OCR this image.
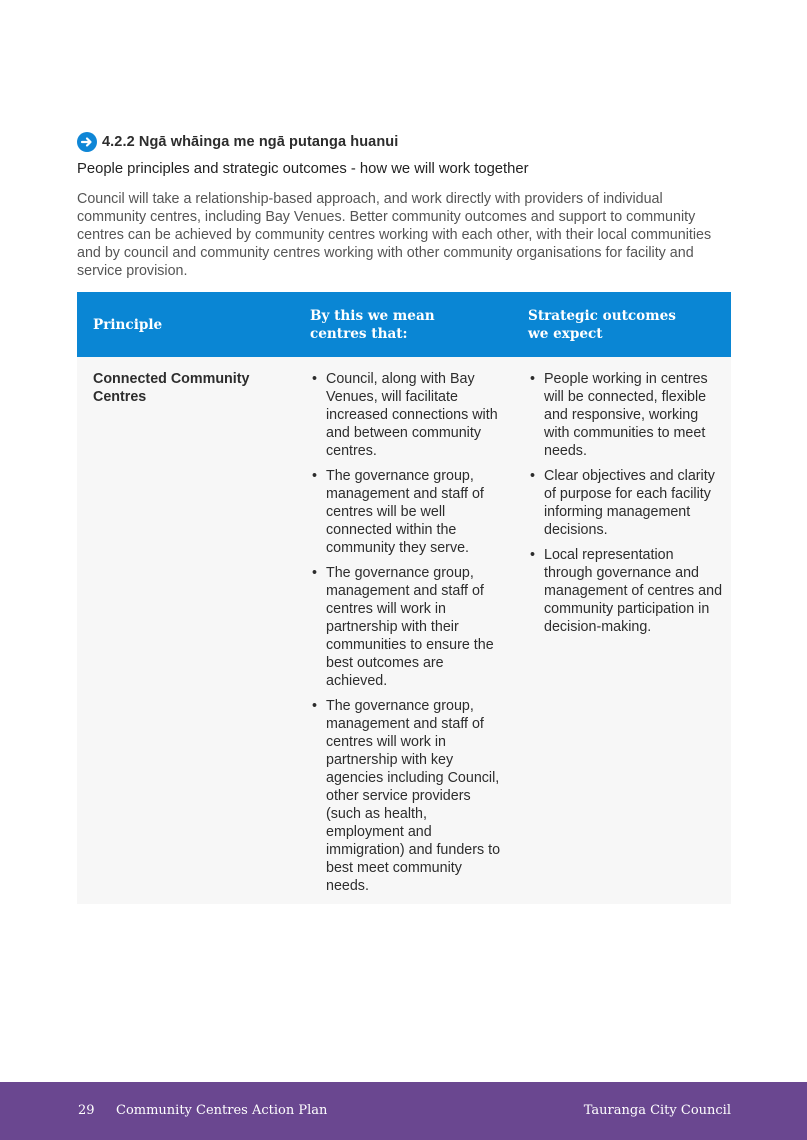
4.2.2 Ngā whāinga me ngā putanga huanui

People principles and strategic outcomes - how we will work together

Council will take a relationship-based approach, and work directly with providers of individual community centres, including Bay Venues. Better community outcomes and support to community centres can be achieved by community centres working with each other, with their local communities and by council and community centres working with other community organisations for facility and service provision.

Principle
By this we mean
centres that:
Strategic outcomes
we expect
Connected Community Centres
• Council, along with Bay Venues, will facilitate increased connections with and between community centres.
• The governance group, management and staff of centres will be well connected within the community they serve.
• The governance group, management and staff of centres will work in partnership with their communities to ensure the best outcomes are achieved.
• The governance group, management and staff of centres will work in partnership with key agencies including Council, other service providers (such as health, employment and immigration) and funders to best meet community needs.
• People working in centres will be connected, flexible and responsive, working with communities to meet needs.
• Clear objectives and clarity of purpose for each facility informing management decisions.
• Local representation through governance and management of centres and community participation in decision-making.
29 Community Centres Action Plan	Tauranga City Council
